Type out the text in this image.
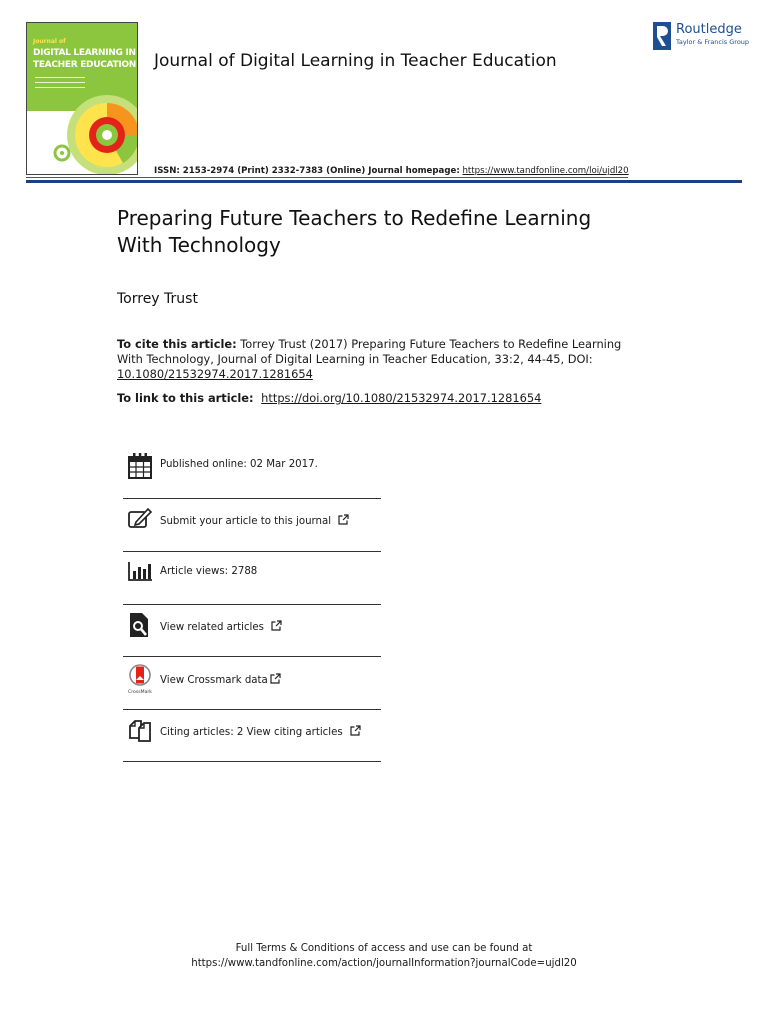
Journal of
DIGITAL LEARNING IN
TEACHER EDUCATION Journal of Digital Learning in Teacher Education
Routledge
Taylor & Francis Group
ISSN: 2153-2974 (Print) 2332-7383 (Online) Journal homepage: https://www.tandfonline.com/loi/ujdl20
Preparing Future Teachers to Redefine Learning
With Technology
Torrey Trust
To cite this article: Torrey Trust (2017) Preparing Future Teachers to Redefine Learning
With Technology, Journal of Digital Learning in Teacher Education, 33:2, 44-45, DOI:
10.1080/21532974.2017.1281654
To link to this article: https://doi.org/10.1080/21532974.2017.1281654
Published online: 02 Mar 2017.
Submit your article to this journal
Article views: 2788
View related articles
CrossMark
View Crossmark data
Citing articles: 2 View citing articles
Full Terms & Conditions of access and use can be found at
https://www.tandfonline.com/action/journalInformation?journalCode=ujdl20
